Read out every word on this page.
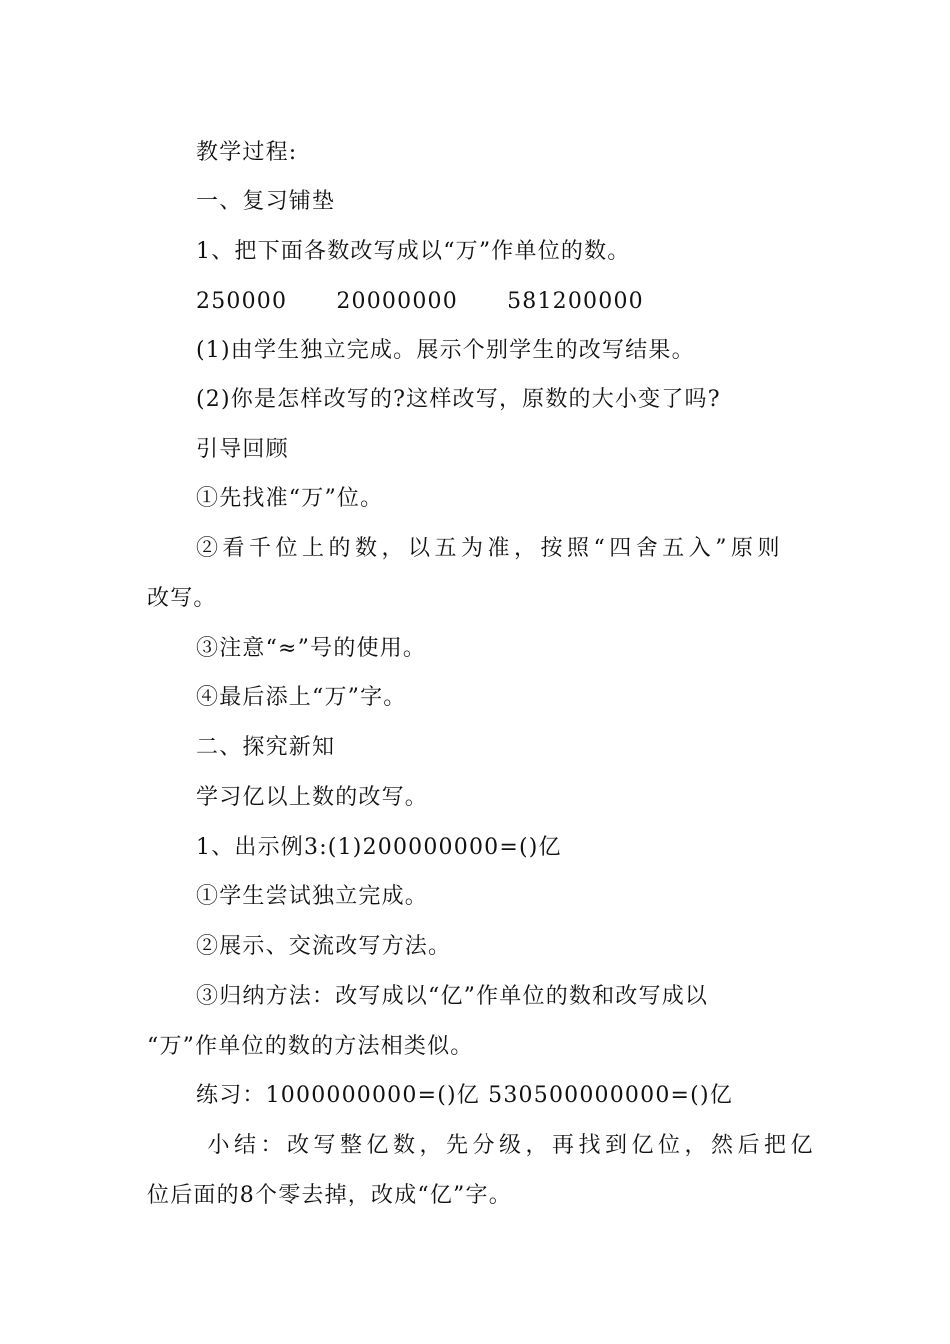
教学过程:
一、复习铺垫
1、把下面各数改写成以“万”作单位的数。
250000      20000000      581200000
(1)由学生独立完成。展示个别学生的改写结果。
(2)你是怎样改写的?这样改写，原数的大小变了吗?
引导回顾
①先找准“万”位。
②看千位上的数，以五为准，按照“四舍五入”原则
改写。
③注意“≈”号的使用。
④最后添上“万”字。
二、探究新知
学习亿以上数的改写。
1、出示例3:(1)200000000=()亿
①学生尝试独立完成。
②展示、交流改写方法。
③归纳方法：改写成以“亿”作单位的数和改写成以
“万”作单位的数的方法相类似。
练习：1000000000=()亿 530500000000=()亿
小结：改写整亿数，先分级，再找到亿位，然后把亿
位后面的8个零去掉，改成“亿”字。
